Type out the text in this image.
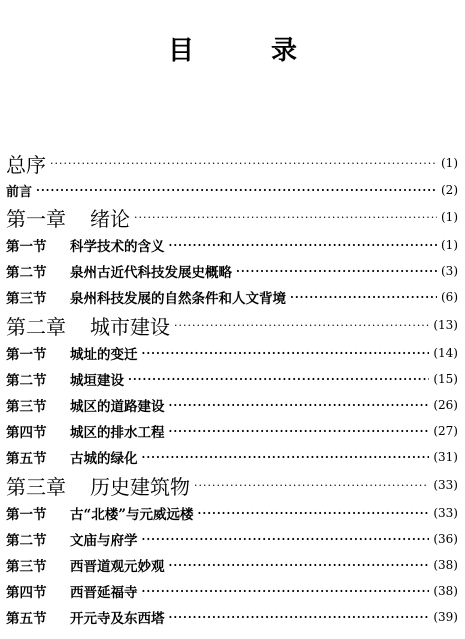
目 录
总序 ·····	(1)
前言 ·····	(2)
第一章	绪论 ·····	(1)
第一节	科学技术的含义 ·····	(1)
第二节	泉州古近代科技发展史概略 ·····	(3)
第三节	泉州科技发展的自然条件和人文背境 ·····	(6)
第二章	城市建设 ·····	(13)
第一节	城址的变迁 ·····	(14)
第二节	城垣建设 ·····	(15)
第三节	城区的道路建设 ·····	(26)
第四节	城区的排水工程 ·····	(27)
第五节	古城的绿化 ·····	(31)
第三章	历史建筑物 ·····	(33)
第一节	古“北楼”与元威远楼 ·····	(33)
第二节	文庙与府学 ·····	(36)
第三节	西晋道观元妙观 ·····	(38)
第四节	西晋延福寺 ·····	(38)
第五节	开元寺及东西塔 ·····	(39)
